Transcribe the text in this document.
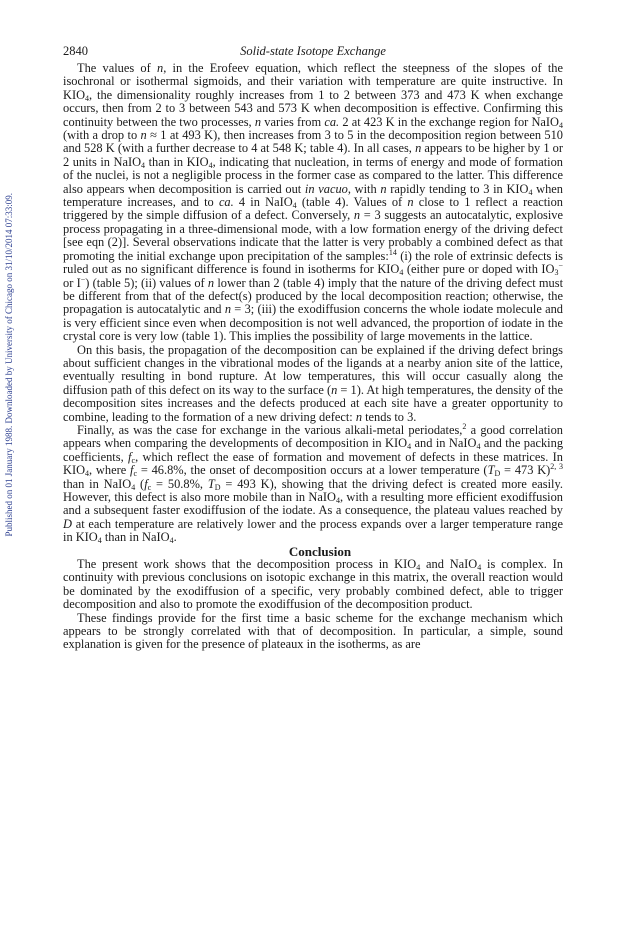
Published on 01 January 1988. Downloaded by University of Chicago on 31/10/2014 07:33:09.
2840	Solid-state Isotope Exchange

The values of n, in the Erofeev equation, which reflect the steepness of the slopes of the isochronal or isothermal sigmoids, and their variation with temperature are quite instructive. In $KIO_4$, the dimensionality roughly increases from 1 to 2 between 373 and 473 K when exchange occurs, then from 2 to 3 between 543 and 573 K when decomposition is effective. Confirming this continuity between the two processes, n varies from ca. 2 at 423 K in the exchange region for NaIO$_4$ (with a drop to n ≈ 1 at 493 K), then increases from 3 to 5 in the decomposition region between 510 and 528 K (with a further decrease to 4 at 548 K; table 4). In all cases, n appears to be higher by 1 or 2 units in NaIO$_4$ than in $KIO_4$, indicating that nucleation, in terms of energy and mode of formation of the nuclei, is not a negligible process in the former case as compared to the latter. This difference also appears when decomposition is carried out in vacuo, with n rapidly tending to 3 in $KIO_4$ when temperature increases, and to ca. 4 in NaIO$_4$ (table 4). Values of n close to 1 reflect a reaction triggered by the simple diffusion of a defect. Conversely, n = 3 suggests an autocatalytic, explosive process propagating in a three-dimensional mode, with a low formation energy of the driving defect [see eqn (2)]. Several observations indicate that the latter is very probably a combined defect as that promoting the initial exchange upon precipitation of the samples:$^{14}$ (i) the role of extrinsic defects is ruled out as no significant difference is found in isotherms for $KIO_4$ (either pure or doped with $IO_3^-$ or I−) (table 5); (ii) values of n lower than 2 (table 4) imply that the nature of the driving defect must be different from that of the defect(s) produced by the local decomposition reaction; otherwise, the propagation is autocatalytic and n = 3; (iii) the exodiffusion concerns the whole iodate molecule and is very efficient since even when decomposition is not well advanced, the proportion of iodate in the crystal core is very low (table 1). This implies the possibility of large movements in the lattice.

On this basis, the propagation of the decomposition can be explained if the driving defect brings about sufficient changes in the vibrational modes of the ligands at a nearby anion site of the lattice, eventually resulting in bond rupture. At low temperatures, this will occur casually along the diffusion path of this defect on its way to the surface (n = 1). At high temperatures, the density of the decomposition sites increases and the defects produced at each site have a greater opportunity to combine, leading to the formation of a new driving defect: n tends to 3.

Finally, as was the case for exchange in the various alkali-metal periodates,$^2$ a good correlation appears when comparing the developments of decomposition in $KIO_4$ and in NaIO$_4$ and the packing coefficients, $f_c$, which reflect the ease of formation and movement of defects in these matrices. In $KIO_4$, where $f_c = 46.8\%$, the onset of decomposition occurs at a lower temperature ($T_D = 473$ K)$^{2, 3}$ than in NaIO$_4$ ($f_c = 50.8\%$, $T_D = 493$ K), showing that the driving defect is created more easily. However, this defect is also more mobile than in NaIO$_4$, with a resulting more efficient exodiffusion and a subsequent faster exodiffusion of the iodate. As a consequence, the plateau values reached by D at each temperature are relatively lower and the process expands over a larger temperature range in $KIO_4$ than in NaIO$_4$.

Conclusion

The present work shows that the decomposition process in $KIO_4$ and NaIO$_4$ is complex. In continuity with previous conclusions on isotopic exchange in this matrix, the overall reaction would be dominated by the exodiffusion of a specific, very probably combined defect, able to trigger decomposition and also to promote the exodiffusion of the decomposition product.

These findings provide for the first time a basic scheme for the exchange mechanism which appears to be strongly correlated with that of decomposition. In particular, a simple, sound explanation is given for the presence of plateaux in the isotherms, as are
